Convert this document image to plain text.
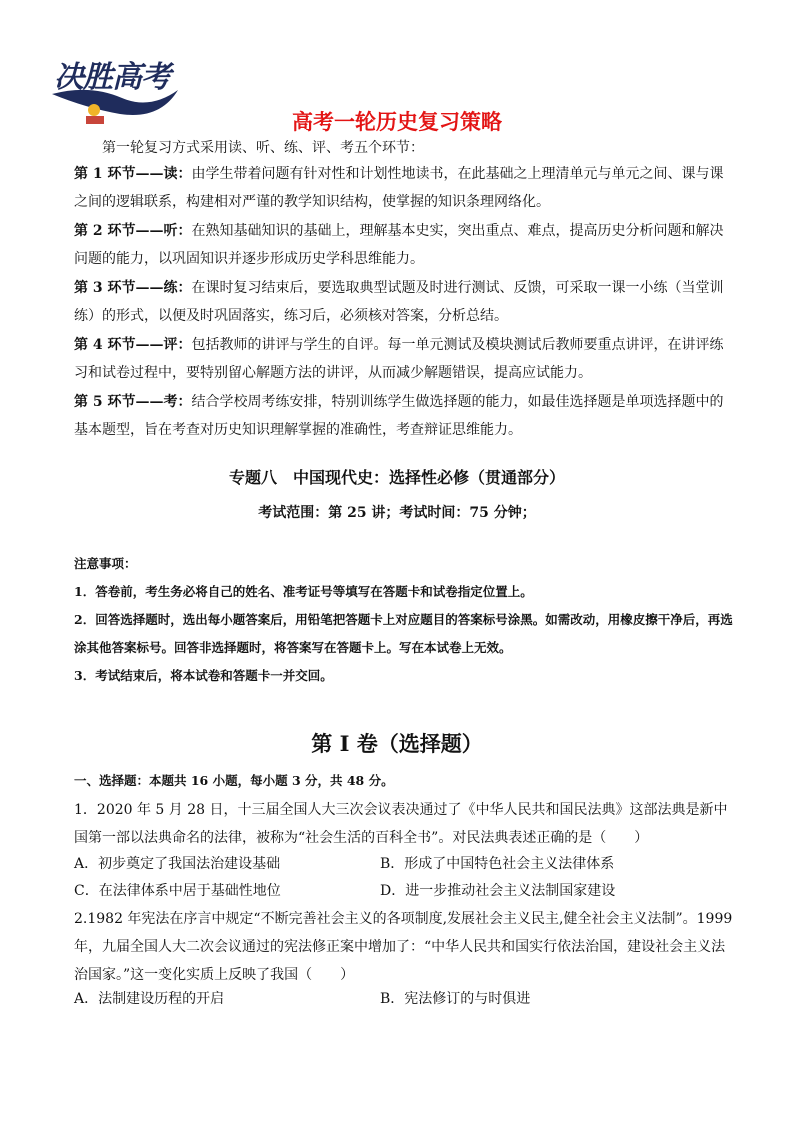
决胜高考
高考一轮历史复习策略
第一轮复习方式采用读、听、练、评、考五个环节：
第 1 环节——读：由学生带着问题有针对性和计划性地读书，在此基础之上理清单元与单元之间、课与课之间的逻辑联系，构建相对严谨的教学知识结构，使掌握的知识条理网络化。
第 2 环节——听：在熟知基础知识的基础上，理解基本史实，突出重点、难点，提高历史分析问题和解决问题的能力，以巩固知识并逐步形成历史学科思维能力。
第 3 环节——练：在课时复习结束后，要选取典型试题及时进行测试、反馈，可采取一课一小练（当堂训练）的形式，以便及时巩固落实，练习后，必须核对答案，分析总结。
第 4 环节——评：包括教师的讲评与学生的自评。每一单元测试及模块测试后教师要重点讲评，在讲评练习和试卷过程中，要特别留心解题方法的讲评，从而减少解题错误，提高应试能力。
第 5 环节——考：结合学校周考练安排，特别训练学生做选择题的能力，如最佳选择题是单项选择题中的基本题型，旨在考查对历史知识理解掌握的准确性，考查辩证思维能力。
专题八　中国现代史：选择性必修（贯通部分）
考试范围：第 25 讲；考试时间：75 分钟；
注意事项：
1．答卷前，考生务必将自己的姓名、准考证号等填写在答题卡和试卷指定位置上。
2．回答选择题时，选出每小题答案后，用铅笔把答题卡上对应题目的答案标号涂黑。如需改动，用橡皮擦干净后，再选涂其他答案标号。回答非选择题时，将答案写在答题卡上。写在本试卷上无效。
3．考试结束后，将本试卷和答题卡一并交回。
第 I 卷（选择题）
一、选择题：本题共 16 小题，每小题 3 分，共 48 分。
1．2020 年 5 月 28 日，十三届全国人大三次会议表决通过了《中华人民共和国民法典》这部法典是新中国第一部以法典命名的法律，被称为“社会生活的百科全书”。对民法典表述正确的是（　　）
A．初步奠定了我国法治建设基础	B．形成了中国特色社会主义法律体系
C．在法律体系中居于基础性地位	D．进一步推动社会主义法制国家建设
2.1982 年宪法在序言中规定“不断完善社会主义的各项制度,发展社会主义民主,健全社会主义法制”。1999 年，九届全国人大二次会议通过的宪法修正案中增加了：“中华人民共和国实行依法治国，建设社会主义法治国家。”这一变化实质上反映了我国（　　）
A．法制建设历程的开启	B．宪法修订的与时俱进
